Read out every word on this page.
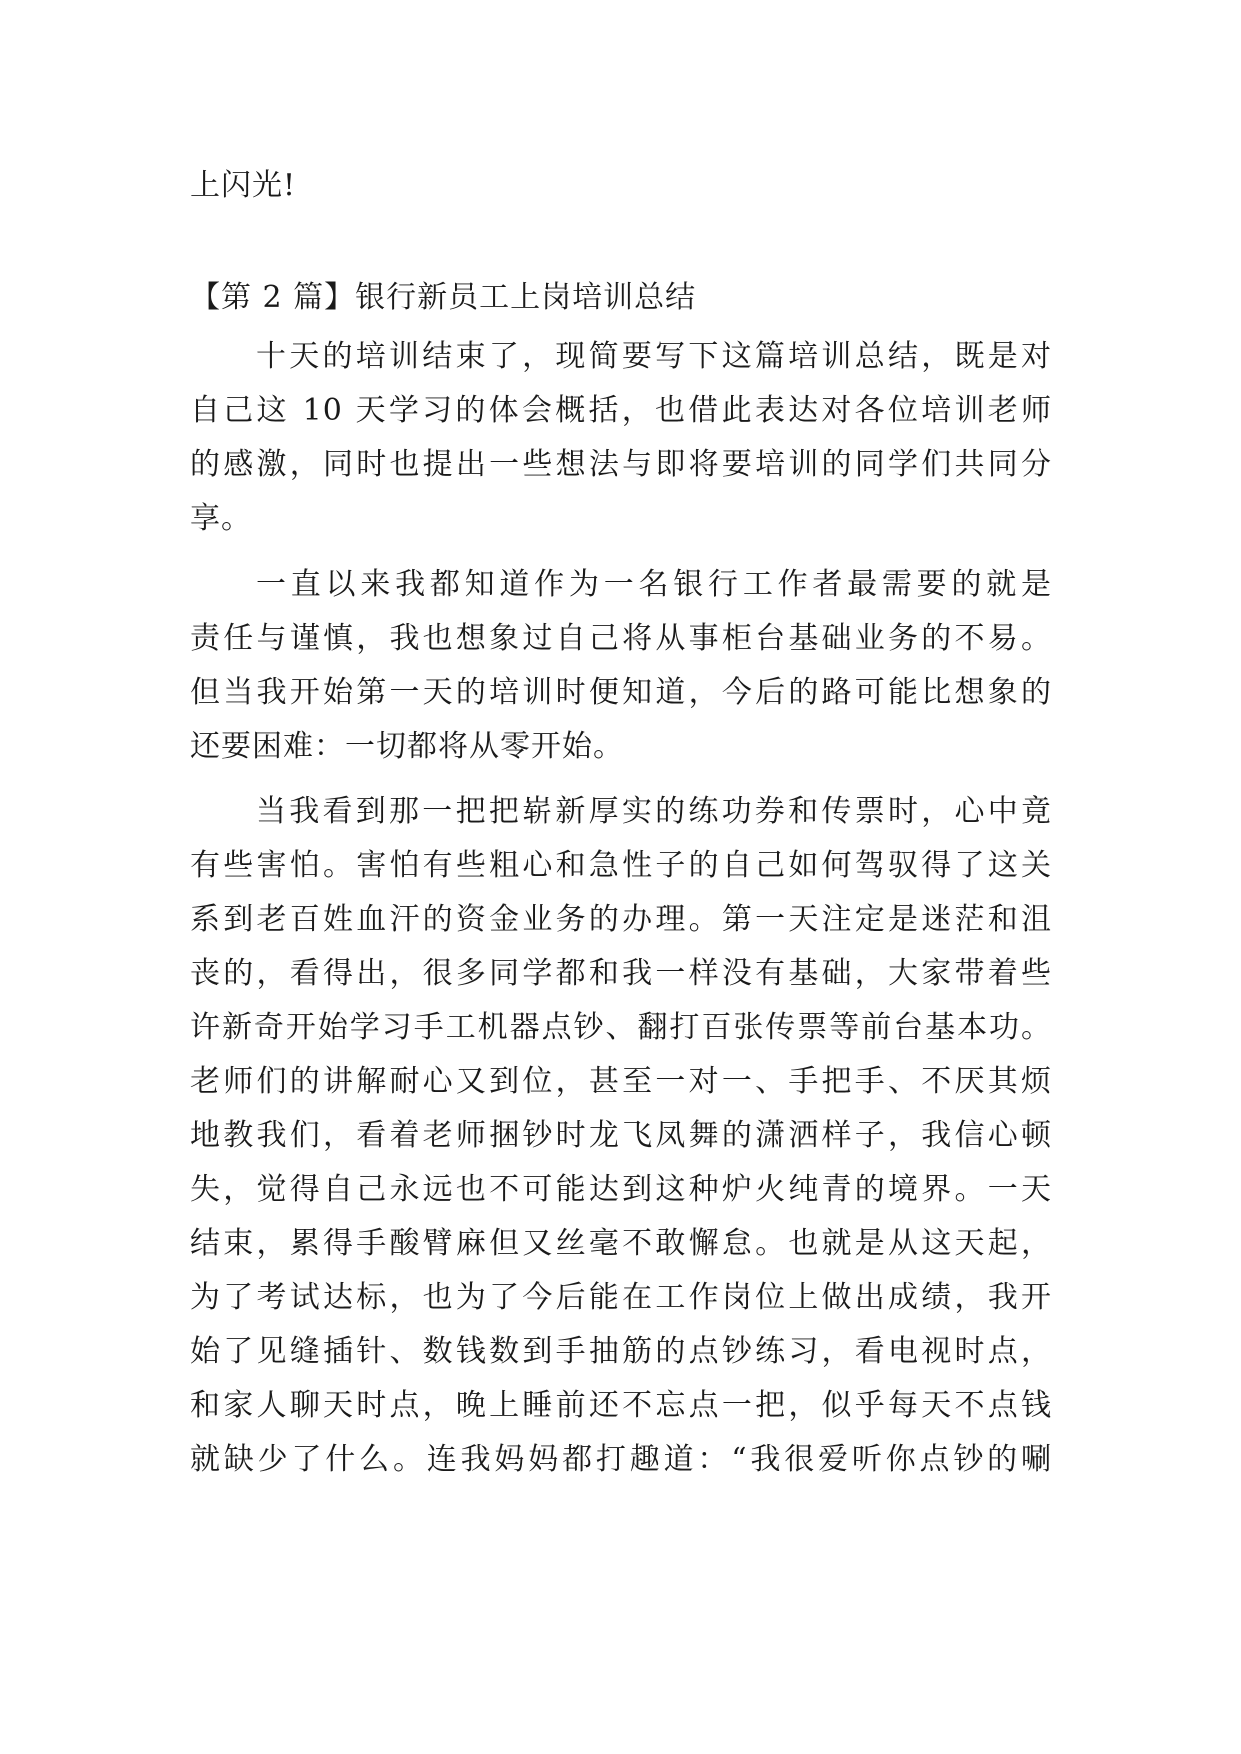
上闪光!
【第 2 篇】银行新员工上岗培训总结
十天的培训结束了，现简要写下这篇培训总结，既是对
自己这 10 天学习的体会概括，也借此表达对各位培训老师
的感激，同时也提出一些想法与即将要培训的同学们共同分
享。
一直以来我都知道作为一名银行工作者最需要的就是
责任与谨慎，我也想象过自己将从事柜台基础业务的不易。
但当我开始第一天的培训时便知道，今后的路可能比想象的
还要困难：一切都将从零开始。
当我看到那一把把崭新厚实的练功券和传票时，心中竟
有些害怕。害怕有些粗心和急性子的自己如何驾驭得了这关
系到老百姓血汗的资金业务的办理。第一天注定是迷茫和沮
丧的，看得出，很多同学都和我一样没有基础，大家带着些
许新奇开始学习手工机器点钞、翻打百张传票等前台基本功。
老师们的讲解耐心又到位，甚至一对一、手把手、不厌其烦
地教我们，看着老师捆钞时龙飞凤舞的潇洒样子，我信心顿
失，觉得自己永远也不可能达到这种炉火纯青的境界。一天
结束，累得手酸臂麻但又丝毫不敢懈怠。也就是从这天起，
为了考试达标，也为了今后能在工作岗位上做出成绩，我开
始了见缝插针、数钱数到手抽筋的点钞练习，看电视时点，
和家人聊天时点，晚上睡前还不忘点一把，似乎每天不点钱
就缺少了什么。连我妈妈都打趣道：“我很爱听你点钞的唰
